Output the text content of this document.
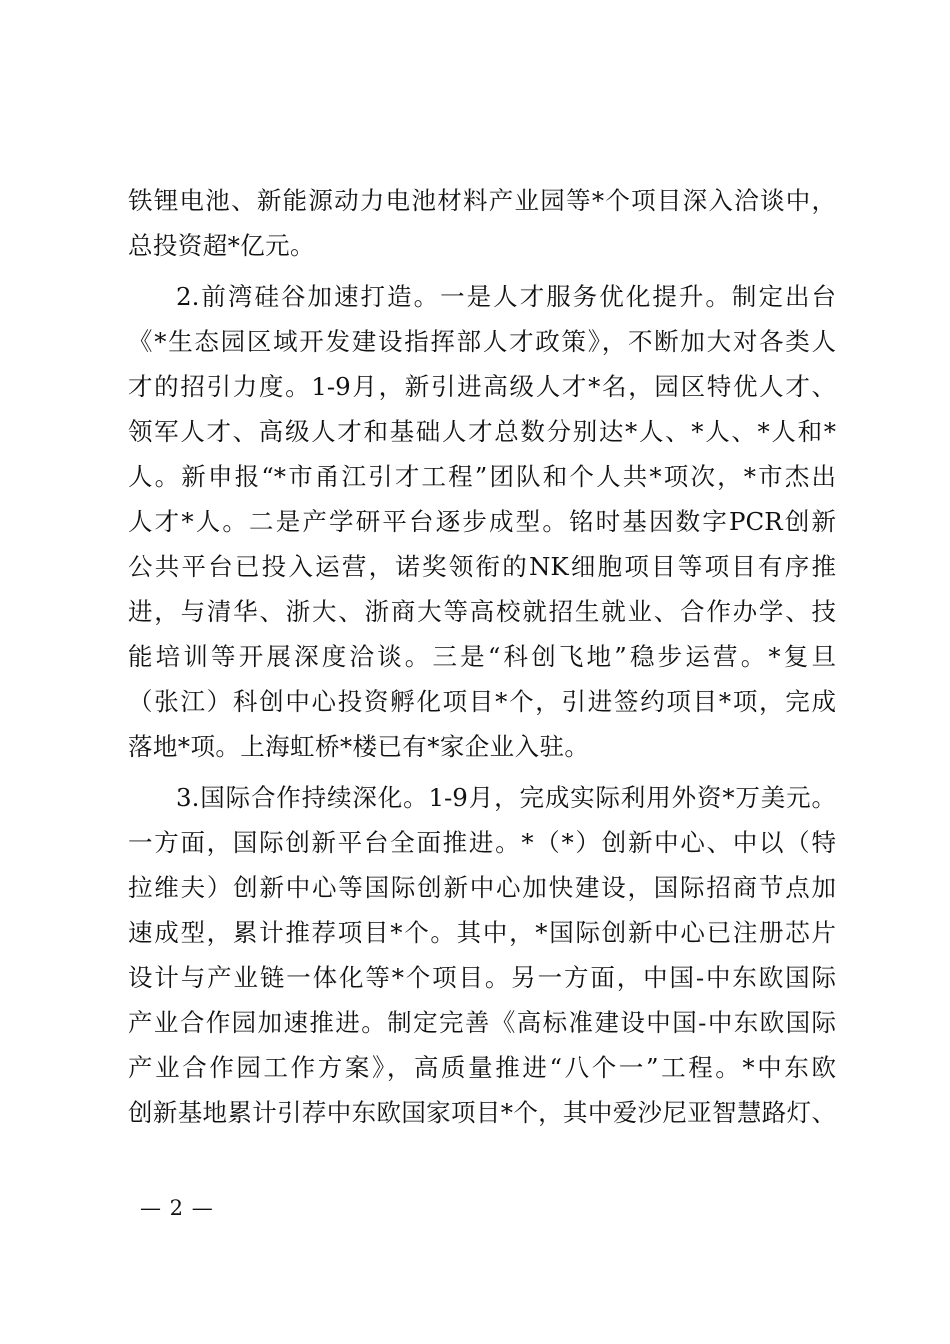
铁锂电池、新能源动力电池材料产业园等*个项目深入洽谈中，
总投资超*亿元。
2.前湾硅谷加速打造。一是人才服务优化提升。制定出台
《*生态园区域开发建设指挥部人才政策》，不断加大对各类人
才的招引力度。1-9月，新引进高级人才*名，园区特优人才、
领军人才、高级人才和基础人才总数分别达*人、*人、*人和*
人。新申报“*市甬江引才工程”团队和个人共*项次，*市杰出
人才*人。二是产学研平台逐步成型。铭时基因数字PCR创新
公共平台已投入运营，诺奖领衔的NK细胞项目等项目有序推
进，与清华、浙大、浙商大等高校就招生就业、合作办学、技
能培训等开展深度洽谈。三是“科创飞地”稳步运营。*复旦
（张江）科创中心投资孵化项目*个，引进签约项目*项，完成
落地*项。上海虹桥*楼已有*家企业入驻。
3.国际合作持续深化。1-9月，完成实际利用外资*万美元。
一方面，国际创新平台全面推进。*（*）创新中心、中以（特
拉维夫）创新中心等国际创新中心加快建设，国际招商节点加
速成型，累计推荐项目*个。其中，*国际创新中心已注册芯片
设计与产业链一体化等*个项目。另一方面，中国-中东欧国际
产业合作园加速推进。制定完善《高标准建设中国-中东欧国际
产业合作园工作方案》，高质量推进“八个一”工程。*中东欧
创新基地累计引荐中东欧国家项目*个，其中爱沙尼亚智慧路灯、
— 2 —
